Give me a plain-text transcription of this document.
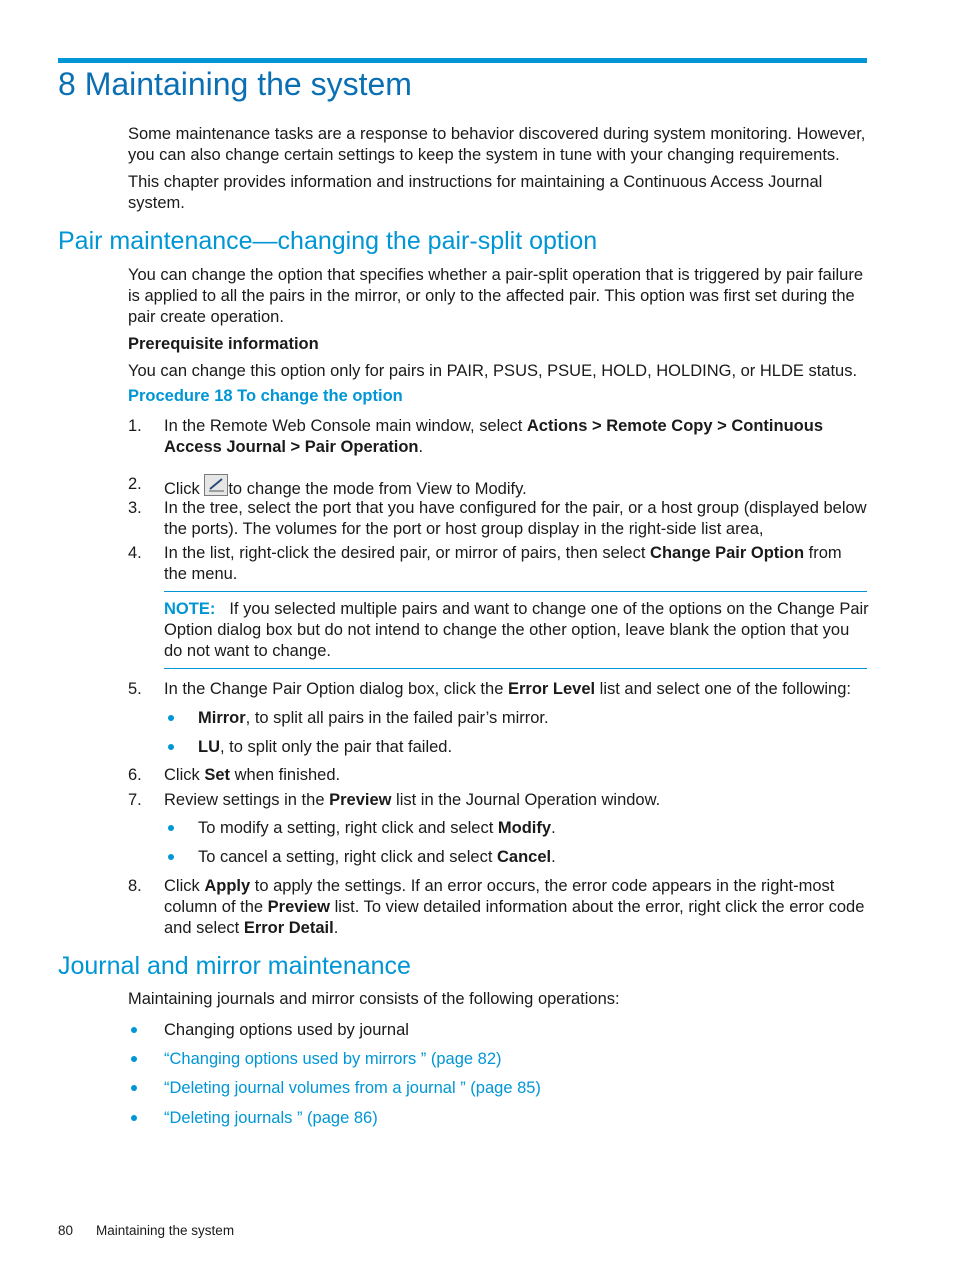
8 Maintaining the system

Some maintenance tasks are a response to behavior discovered during system monitoring. However, you can also change certain settings to keep the system in tune with your changing requirements.

This chapter provides information and instructions for maintaining a Continuous Access Journal system.

Pair maintenance—changing the pair-split option

You can change the option that specifies whether a pair-split operation that is triggered by pair failure is applied to all the pairs in the mirror, or only to the affected pair. This option was first set during the pair create operation.

Prerequisite information

You can change this option only for pairs in PAIR, PSUS, PSUE, HOLD, HOLDING, or HLDE status.

Procedure 18 To change the option

1. In the Remote Web Console main window, select Actions > Remote Copy > Continuous Access Journal > Pair Operation.

2. Click
to change the mode from View to Modify.

3. In the tree, select the port that you have configured for the pair, or a host group (displayed below the ports). The volumes for the port or host group display in the right-side list area,

4. In the list, right-click the desired pair, or mirror of pairs, then select Change Pair Option from the menu.

NOTE: If you selected multiple pairs and want to change one of the options on the Change Pair Option dialog box but do not intend to change the other option, leave blank the option that you do not want to change.

5. In the Change Pair Option dialog box, click the Error Level list and select one of the following:

Mirror, to split all pairs in the failed pair’s mirror.

LU, to split only the pair that failed.

6. Click Set when finished.

7. Review settings in the Preview list in the Journal Operation window.

To modify a setting, right click and select Modify.

To cancel a setting, right click and select Cancel.

8. Click Apply to apply the settings. If an error occurs, the error code appears in the right-most column of the Preview list. To view detailed information about the error, right click the error code and select Error Detail.

Journal and mirror maintenance

Maintaining journals and mirror consists of the following operations:

Changing options used by journal

“Changing options used by mirrors ” (page 82)
“Deleting journal volumes from a journal ” (page 85)
“Deleting journals ” (page 86)
80 Maintaining the system
